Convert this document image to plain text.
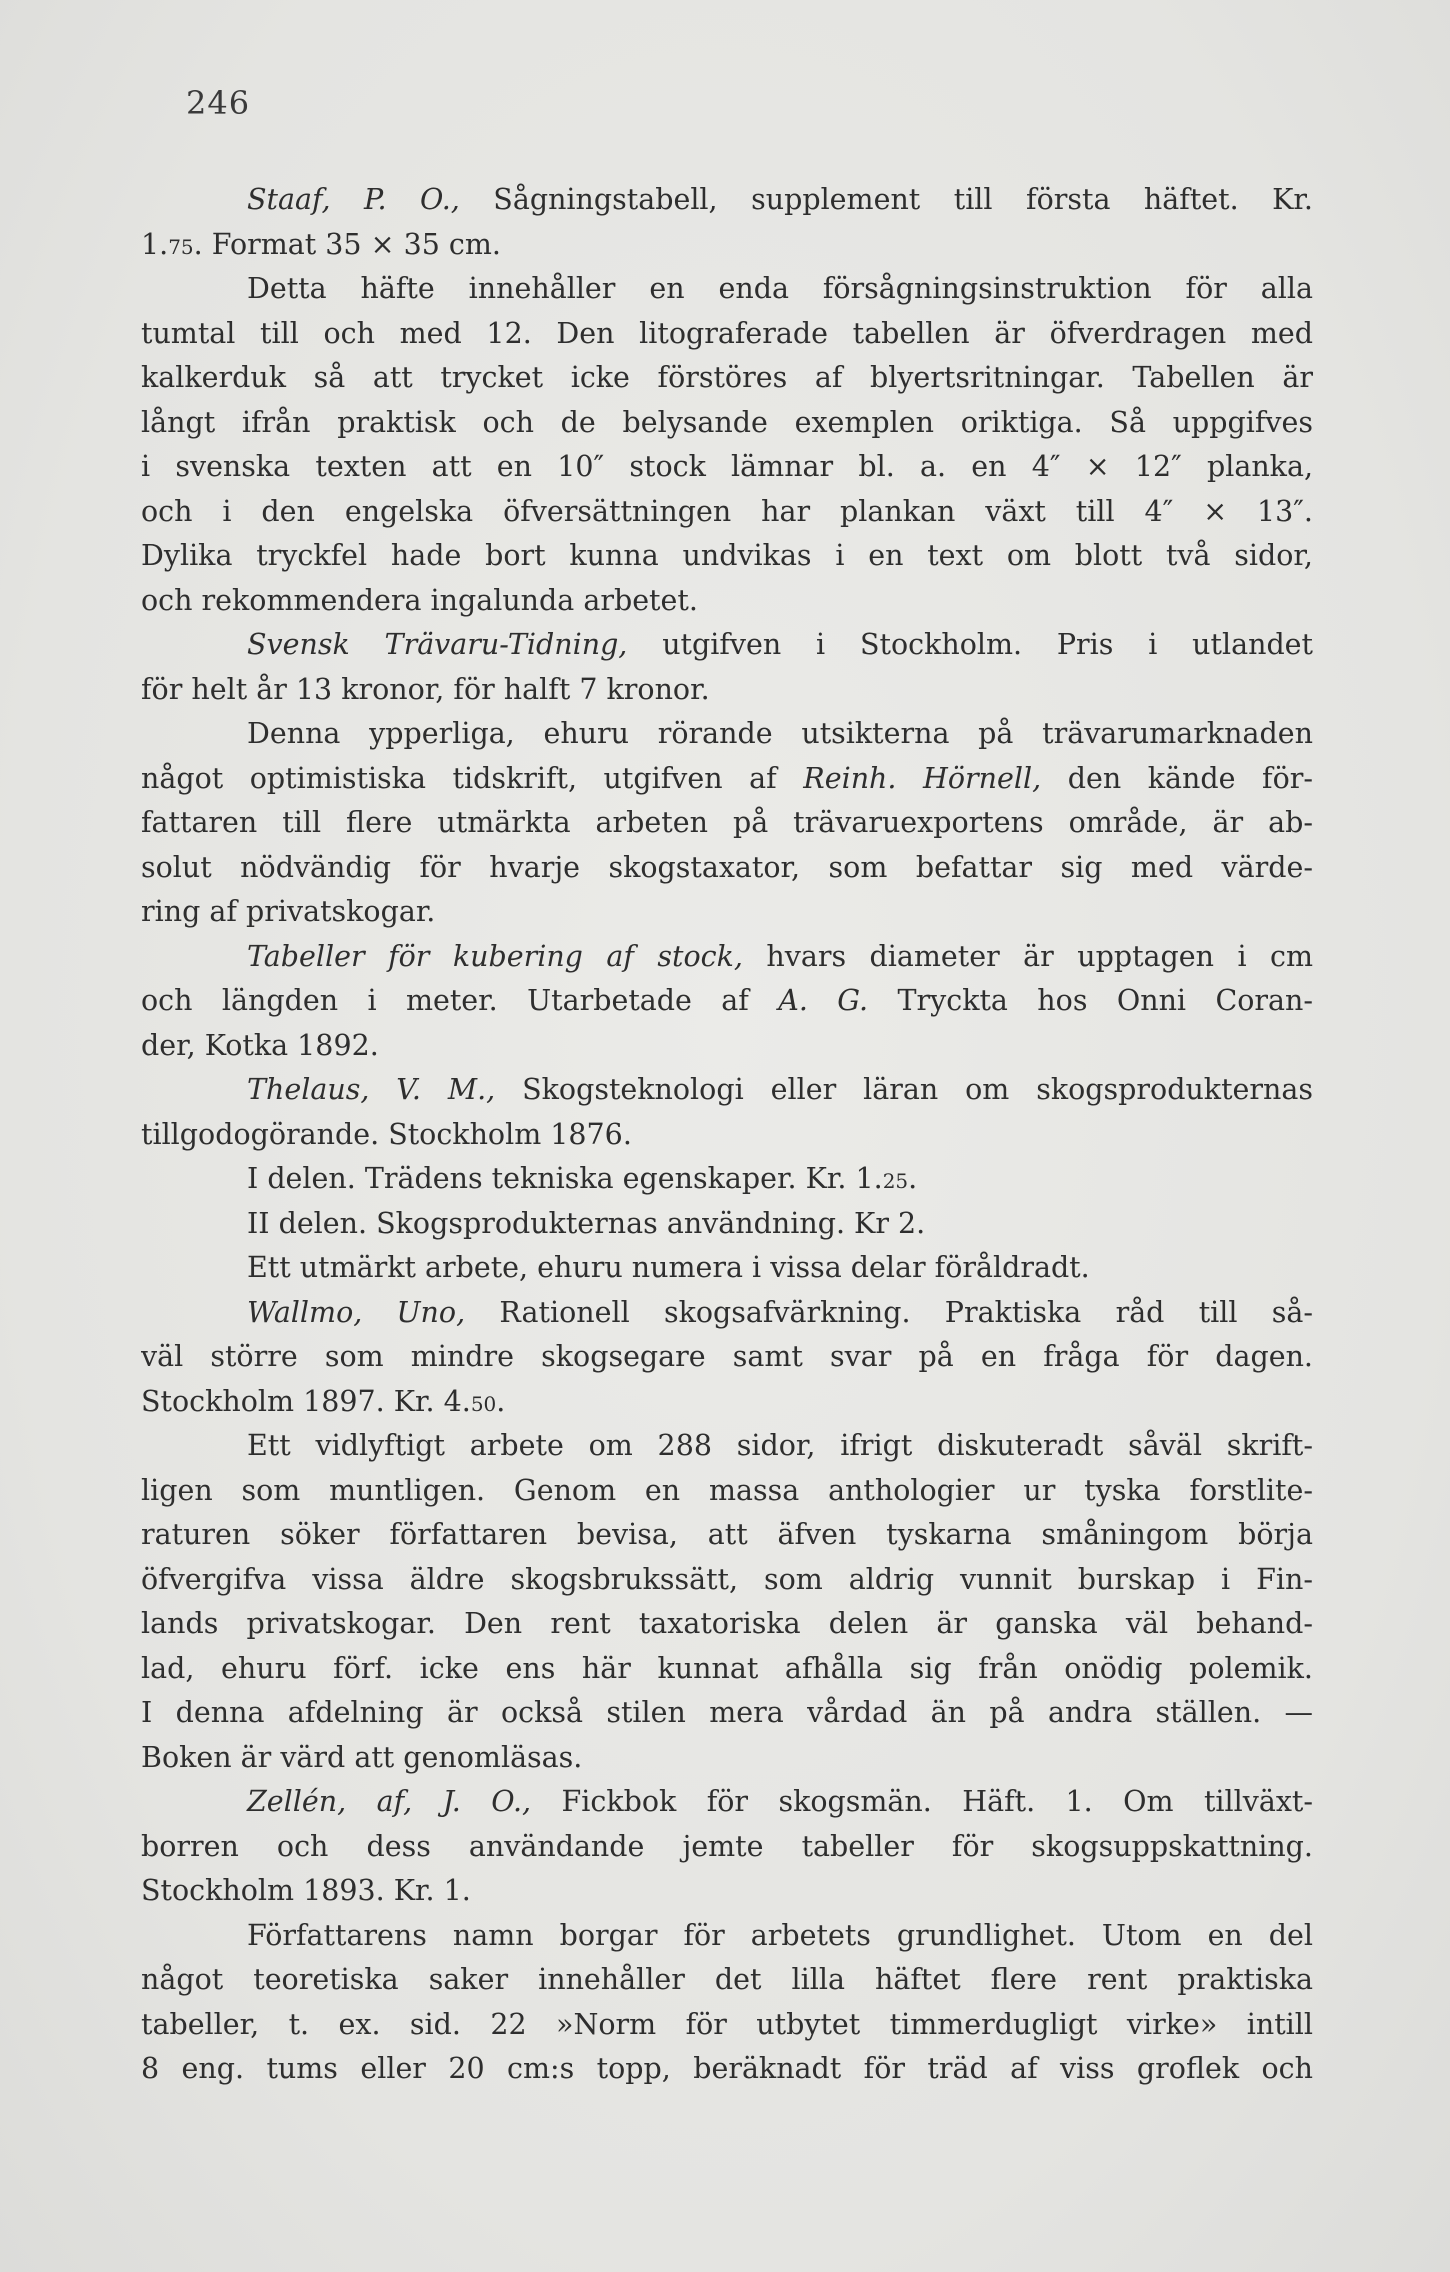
246
Staaf, P. O., Sågningstabell, supplement till första häftet. Kr.
1.75. Format 35 × 35 cm.
Detta häfte innehåller en enda försågningsinstruktion för alla
tumtal till och med 12. Den litograferade tabellen är öfverdragen med
kalkerduk så att trycket icke förstöres af blyertsritningar. Tabellen är
långt ifrån praktisk och de belysande exemplen oriktiga. Så uppgifves
i svenska texten att en 10″ stock lämnar bl. a. en 4″ × 12″ planka,
och i den engelska öfversättningen har plankan växt till 4″ × 13″.
Dylika tryckfel hade bort kunna undvikas i en text om blott två sidor,
och rekommendera ingalunda arbetet.
Svensk Trävaru-Tidning, utgifven i Stockholm. Pris i utlandet
för helt år 13 kronor, för halft 7 kronor.
Denna ypperliga, ehuru rörande utsikterna på trävarumarknaden
något optimistiska tidskrift, utgifven af Reinh. Hörnell, den kände för-
fattaren till flere utmärkta arbeten på trävaruexportens område, är ab-
solut nödvändig för hvarje skogstaxator, som befattar sig med värde-
ring af privatskogar.
Tabeller för kubering af stock, hvars diameter är upptagen i cm
och längden i meter. Utarbetade af A. G. Tryckta hos Onni Coran-
der, Kotka 1892.
Thelaus, V. M., Skogsteknologi eller läran om skogsprodukternas
tillgodogörande. Stockholm 1876.
I delen. Trädens tekniska egenskaper. Kr. 1.25.
II delen. Skogsprodukternas användning. Kr 2.
Ett utmärkt arbete, ehuru numera i vissa delar föråldradt.
Wallmo, Uno, Rationell skogsafvärkning. Praktiska råd till så-
väl större som mindre skogsegare samt svar på en fråga för dagen.
Stockholm 1897. Kr. 4.50.
Ett vidlyftigt arbete om 288 sidor, ifrigt diskuteradt såväl skrift-
ligen som muntligen. Genom en massa anthologier ur tyska forstlite-
raturen söker författaren bevisa, att äfven tyskarna småningom börja
öfvergifva vissa äldre skogsbrukssätt, som aldrig vunnit burskap i Fin-
lands privatskogar. Den rent taxatoriska delen är ganska väl behand-
lad, ehuru förf. icke ens här kunnat afhålla sig från onödig polemik.
I denna afdelning är också stilen mera vårdad än på andra ställen. —
Boken är värd att genomläsas.
Zellén, af, J. O., Fickbok för skogsmän. Häft. 1. Om tillväxt-
borren och dess användande jemte tabeller för skogsuppskattning.
Stockholm 1893. Kr. 1.
Författarens namn borgar för arbetets grundlighet. Utom en del
något teoretiska saker innehåller det lilla häftet flere rent praktiska
tabeller, t. ex. sid. 22 »Norm för utbytet timmerdugligt virke» intill
8 eng. tums eller 20 cm:s topp, beräknadt för träd af viss groflek och
